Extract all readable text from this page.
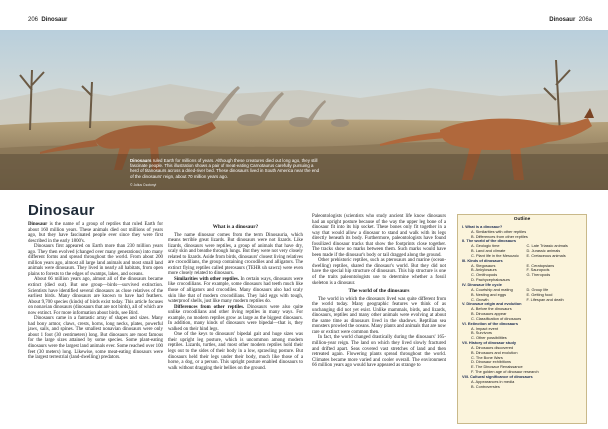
206 Dinosaur	Dinosaur 206a
Dinosaurs ruled Earth for millions of years. Although these creatures died out long ago, they still fascinate people. This illustration shows a pair of meat-eating Carnotaurus carefully pursuing a herd of titanosaurs across a dried-river bed. These dinosaurs lived in South America near the end of the dinosaurs' reign, about 70 million years ago.
© Julius Csotonyi
Dinosaur

Dinosaur is the name of a group of reptiles that ruled Earth for about 160 million years. These animals died out millions of years ago, but they have fascinated people ever since they were first described in the early 1800's.

Dinosaurs first appeared on Earth more than 230 million years ago. They then evolved (changed over many generations) into many different forms and spread throughout the world. From about 200 million years ago, almost all large land animals and most small land animals were dinosaurs. They lived in nearly all habitats, from open plains to forests to the edges of swamps, lakes, and oceans.

About 66 million years ago, almost all of the dinosaurs became extinct (died out). But one group—birds—survived extinction. Scientists have identified several dinosaurs as close relatives of the earliest birds. Many dinosaurs are known to have had feathers. About 9,700 species (kinds) of birds exist today. This article focuses on nonavian dinosaurs (dinosaurs that are not birds), all of which are now extinct. For more information about birds, see Bird.

Dinosaurs came in a fantastic array of shapes and sizes. Many had bony armor, claws, crests, horns, long necks, plates, powerful jaws, sails, and spines. The smallest nonavian dinosaurs were only about 1 foot (30 centimeters) long. But dinosaurs are most famous for the large sizes attained by some species. Some plant-eating dinosaurs were the largest land animals ever. Some reached over 100 feet (30 meters) long. Likewise, some meat-eating dinosaurs were the largest terrestrial (land-dwelling) predators.

What is a dinosaur?

The name dinosaur comes from the term Dinosauria, which means terrible great lizards. But dinosaurs were not lizards. Like lizards, dinosaurs were reptiles, a group of animals that have dry, scaly skin and breathe through lungs. But they were not very closely related to lizards. Aside from birds, dinosaurs' closest living relatives are crocodilians, the group containing crocodiles and alligators. The extinct flying reptiles called pterosaurs (TEHR uh sawrz) were even more closely related to dinosaurs.

Similarities with other reptiles. In certain ways, dinosaurs were like crocodilians. For example, some dinosaurs had teeth much like those of alligators and crocodiles. Many dinosaurs also had scaly skin like that of modern crocodilians. They laid eggs with tough, waterproof shells, just like many modern reptiles do.

Differences from other reptiles. Dinosaurs were also quite unlike crocodilians and other living reptiles in many ways. For example, no modern reptiles grow as large as the biggest dinosaurs. In addition, many kinds of dinosaurs were bipedal—that is, they walked on their hind legs.

One of the keys to dinosaurs' bipedal gait and huge sizes was their upright leg posture, which is uncommon among modern reptiles. Lizards, turtles, and most other modern reptiles hold their legs out to the sides of their body in a low, sprawling posture. But dinosaurs held their legs under their body, much like those of a horse, a dog, or a person. This upright posture enabled dinosaurs to walk without dragging their bellies on the ground.

Paleontologists (scientists who study ancient life know dinosaurs had an upright posture because of the way the upper leg bone of a dinosaur fit into its hip socket. These bones only fit together in a way that would allow a dinosaur to stand and walk with its legs directly beneath its body. Furthermore, paleontologists have found fossilized dinosaur tracks that show the footprints close together. The tracks show no marks between them. Such marks would have been made if the dinosaur's body or tail dragged along the ground.

Other prehistoric reptiles, such as pterosaurs and marine (ocean-dwelling) reptiles, shared the dinosaur's world. But they did not have the special hip structure of dinosaurs. This hip structure is one of the traits paleontologists use to determine whether a fossil skeleton is a dinosaur.

The world of the dinosaurs

The world in which the dinosaurs lived was quite different from the world today. Many geographic features we think of as unchanging did not yet exist. Unlike mammals, birds, and lizards, dinosaurs, reptiles and many other animals were evolving at about the same time as dinosaurs lived in the shadows. Reptilian sea monsters prowled the oceans. Many plants and animals that are now rare or extinct were common then.

In fact, the world changed drastically during the dinosaurs' 165-million-year reign. The land on which they lived slowly fractured and drifted apart. Seas covered vast stretches of land and then retreated again. Flowering plants spread throughout the world. Climates became more varied and cooler overall. The environment 66 million years ago would have appeared as strange to

Outline
I. What is a dinosaur?
A. Similarities with other reptiles
B. Differences from other reptiles
II. The world of the dinosaurs
A. Geologic time	C. Late Triassic animals
B. Land and climate	D. Jurassic animals
C. Plant life in the Mesozoic	E. Cretaceous animals
III. Kinds of dinosaurs
A. Stegosaurs	E. Ceratopsians
B. Ankylosaurs	F. Sauropods
C. Ornithopods	G. Theropods
D. Pachycephalosaurs
IV. Dinosaur life cycle
A. Courtship and mating	D. Group life
B. Nesting and eggs	E. Getting food
C. Growth	F. Lifespan and death
V. Dinosaur origin and evolution
A. Before the dinosaurs
B. Dinosaurs appear
C. Classification of dinosaurs
VI. Extinction of the dinosaurs
A. Impact event
B. Survivors
C. Other possibilities
VII. History of dinosaur study
A. Dinosaurs discovered
B. Dinosaurs and evolution
C. The Bone Wars
D. Dinosaur exhibitions
E. The Dinosaur Renaissance
F. The golden age of dinosaur research
VIII. Cultural significance of dinosaurs
A. Appearances in media
B. Controversies
